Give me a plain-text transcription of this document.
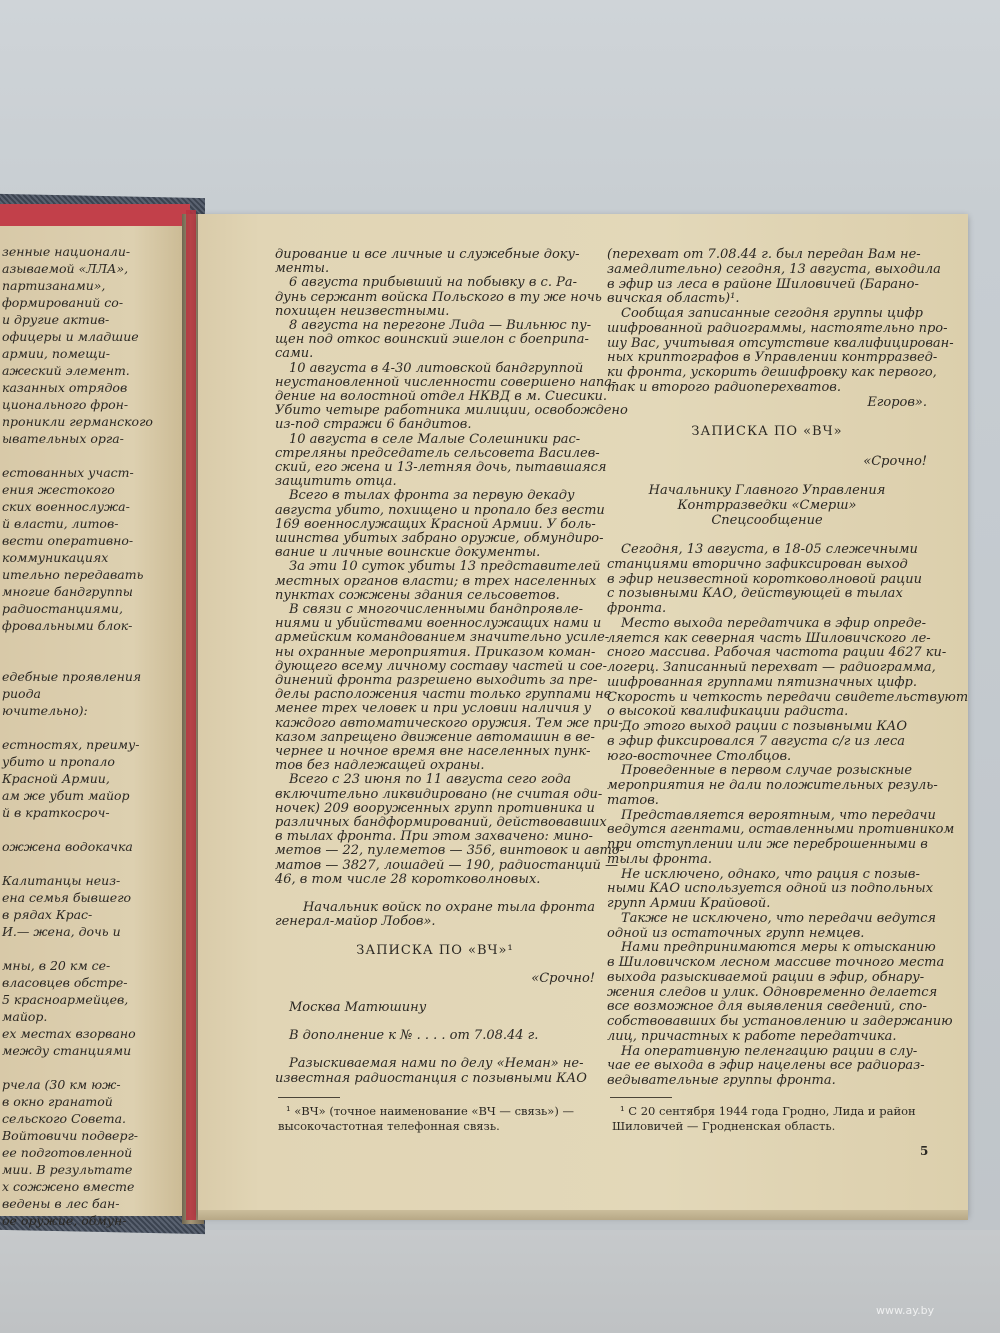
зенные национали-
азываемой «ЛЛА»,
партизанами»,
формирований со-
и другие актив-
офицеры и младшие
армии, помещи-
ажеский элемент.
казанных отрядов
ционального фрон-
проникли германского
ывательных орга-
естованных участ-
ения жестокого
ских военнослужа-
й власти, литов-
вести оперативно-
коммуникациях
ительно передавать
многие бандгруппы
радиостанциями,
фровальными блок-
едебные проявления
риода
ючительно):
естностях, преиму-
убито и пропало
Красной Армии,
ам же убит майор
й в краткосроч-
ожжена водокачка
Калитанцы неиз-
ена семья бывшего
в рядах Крас-
И.— жена, дочь и
мны, в 20 км се-
власовцев обстре-
5 красноармейцев,
майор.
ех местах взорвано
между станциями
рчела (30 км юж-
в окно гранатой
сельского Совета.
Войтовичи подверг-
ее подготовленной
мии. В результате
х сожжено вместе
ведены в лес бан-
ое оружие, обмун-
дирование и все личные и служебные доку-
менты.
6 августа прибывший на побывку в с. Ра-
дунь сержант войска Польского в ту же ночь
похищен неизвестными.
8 августа на перегоне Лида — Вильнюс пу-
щен под откос воинский эшелон с боеприпа-
сами.
10 августа в 4-30 литовской бандгруппой
неустановленной численности совершено напа-
дение на волостной отдел НКВД в м. Сиесики.
Убито четыре работника милиции, освобождено
из-под стражи 6 бандитов.
10 августа в селе Малые Солешники рас-
стреляны председатель сельсовета Василев-
ский, его жена и 13-летняя дочь, пытавшаяся
защитить отца.
Всего в тылах фронта за первую декаду
августа убито, похищено и пропало без вести
169 военнослужащих Красной Армии. У боль-
шинства убитых забрано оружие, обмундиро-
вание и личные воинские документы.
За эти 10 суток убиты 13 представителей
местных органов власти; в трех населенных
пунктах сожжены здания сельсоветов.
В связи с многочисленными бандпроявле-
ниями и убийствами военнослужащих нами и
армейским командованием значительно усиле-
ны охранные мероприятия. Приказом коман-
дующего всему личному составу частей и сое-
динений фронта разрешено выходить за пре-
делы расположения части только группами не
менее трех человек и при условии наличия у
каждого автоматического оружия. Тем же при-
казом запрещено движение автомашин в ве-
чернее и ночное время вне населенных пунк-
тов без надлежащей охраны.
Всего с 23 июня по 11 августа сего года
включительно ликвидировано (не считая оди-
ночек) 209 вооруженных групп противника и
различных бандформирований, действовавших
в тылах фронта. При этом захвачено: мино-
метов — 22, пулеметов — 356, винтовок и авто-
матов — 3827, лошадей — 190, радиостанций —
46, в том числе 28 коротковолновых.
Начальник войск по охране тыла фронта
генерал-майор Лобов».
ЗАПИСКА ПО «ВЧ»¹
«Срочно!
Москва Матюшину
В дополнение к № . . . . от 7.08.44 г.
Разыскиваемая нами по делу «Неман» не-
известная радиостанция с позывными КАО
(перехват от 7.08.44 г. был передан Вам не-
замедлительно) сегодня, 13 августа, выходила
в эфир из леса в районе Шиловичей (Барано-
вичская область)¹.
Сообщая записанные сегодня группы цифр
шифрованной радиограммы, настоятельно про-
шу Вас, учитывая отсутствие квалифицирован-
ных криптографов в Управлении контрразвед-
ки фронта, ускорить дешифровку как первого,
так и второго радиоперехватов.
Егоров».
ЗАПИСКА ПО «ВЧ»
«Срочно!
Начальнику Главного Управления
Контрразведки «Смерш»
Спецсообщение
Сегодня, 13 августа, в 18-05 слежечными
станциями вторично зафиксирован выход
в эфир неизвестной коротковолновой рации
с позывными КАО, действующей в тылах
фронта.
Место выхода передатчика в эфир опреде-
ляется как северная часть Шиловичского ле-
сного массива. Рабочая частота рации 4627 ки-
логерц. Записанный перехват — радиограмма,
шифрованная группами пятизначных цифр.
Скорость и четкость передачи свидетельствуют
о высокой квалификации радиста.
До этого выход рации с позывными КАО
в эфир фиксировался 7 августа с/г из леса
юго-восточнее Столбцов.
Проведенные в первом случае розыскные
мероприятия не дали положительных резуль-
татов.
Представляется вероятным, что передачи
ведутся агентами, оставленными противником
при отступлении или же переброшенными в
тылы фронта.
Не исключено, однако, что рация с позыв-
ными КАО используется одной из подпольных
групп Армии Крайовой.
Также не исключено, что передачи ведутся
одной из остаточных групп немцев.
Нами предпринимаются меры к отысканию
в Шиловичском лесном массиве точного места
выхода разыскиваемой рации в эфир, обнару-
жения следов и улик. Одновременно делается
все возможное для выявления сведений, спо-
собствовавших бы установлению и задержанию
лиц, причастных к работе передатчика.
На оперативную пеленгацию рации в слу-
чае ее выхода в эфир нацелены все радиораз-
ведывательные группы фронта.
¹ «ВЧ» (точное наименование «ВЧ — связь») —
высокочастотная телефонная связь.
¹ С 20 сентября 1944 года Гродно, Лида и район
Шиловичей — Гродненская область.
5
www.ay.by
